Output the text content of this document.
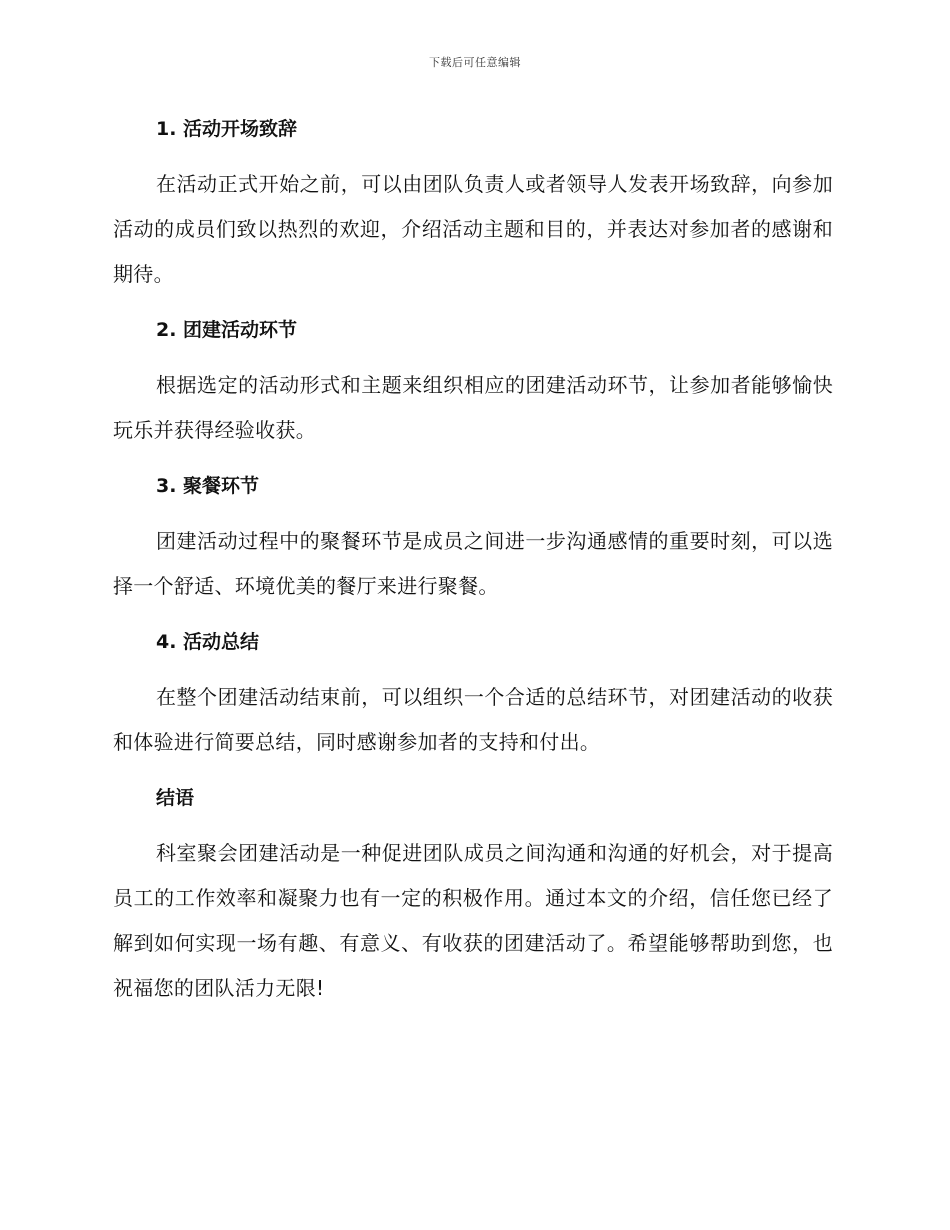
下载后可任意编辑
1. 活动开场致辞

在活动正式开始之前，可以由团队负责人或者领导人发表开场致辞，向参加活动的成员们致以热烈的欢迎，介绍活动主题和目的，并表达对参加者的感谢和期待。

2. 团建活动环节

根据选定的活动形式和主题来组织相应的团建活动环节，让参加者能够愉快玩乐并获得经验收获。

3. 聚餐环节

团建活动过程中的聚餐环节是成员之间进一步沟通感情的重要时刻，可以选择一个舒适、环境优美的餐厅来进行聚餐。

4. 活动总结

在整个团建活动结束前，可以组织一个合适的总结环节，对团建活动的收获和体验进行简要总结，同时感谢参加者的支持和付出。

结语

科室聚会团建活动是一种促进团队成员之间沟通和沟通的好机会，对于提高员工的工作效率和凝聚力也有一定的积极作用。通过本文的介绍，信任您已经了解到如何实现一场有趣、有意义、有收获的团建活动了。希望能够帮助到您，也祝福您的团队活力无限!
